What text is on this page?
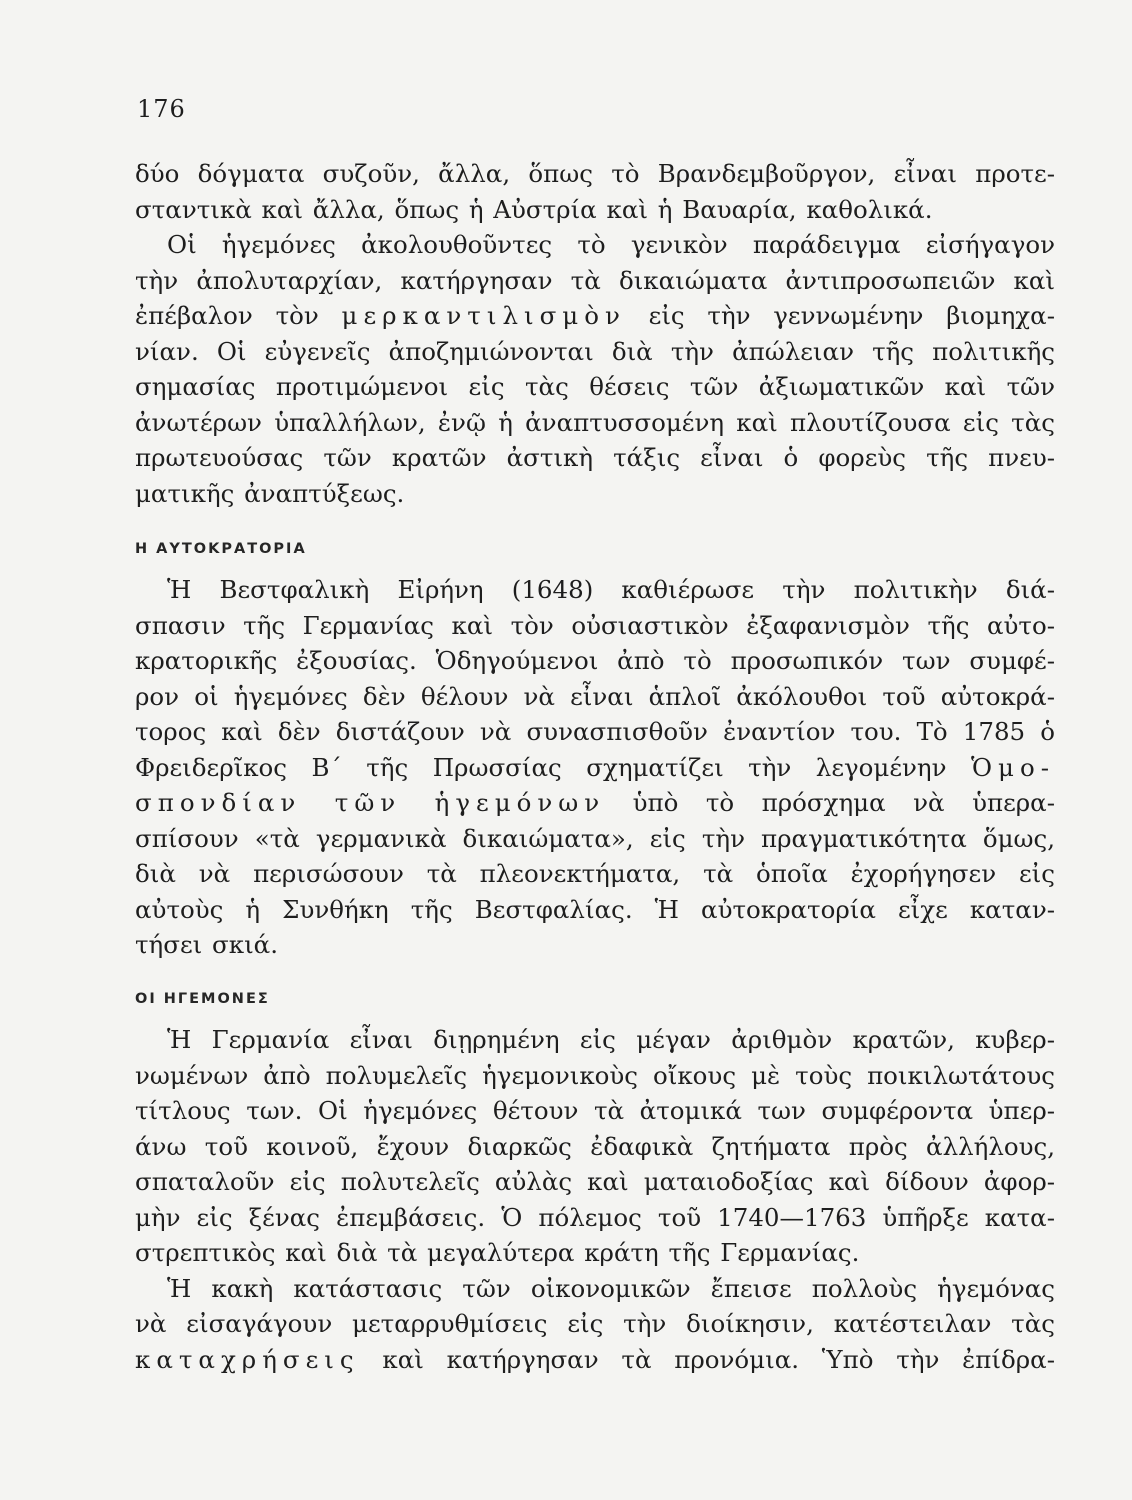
176
δύο δόγματα συζοῦν, ἄλλα, ὅπως τὸ Βρανδεμβοῦργον, εἶναι προτε-
σταντικὰ καὶ ἄλλα, ὅπως ἡ Αὐστρία καὶ ἡ Βαυαρία, καθολικά.
Οἱ ἡγεμόνες ἀκολουθοῦντες τὸ γενικὸν παράδειγμα εἰσήγαγον
τὴν ἀπολυταρχίαν, κατήργησαν τὰ δικαιώματα ἀντιπροσωπειῶν καὶ
ἐπέβαλον τὸν μερκαντιλισμὸν εἰς τὴν γεννωμένην βιομηχα-
νίαν. Οἱ εὐγενεῖς ἀποζημιώνονται διὰ τὴν ἀπώλειαν τῆς πολιτικῆς
σημασίας προτιμώμενοι εἰς τὰς θέσεις τῶν ἀξιωματικῶν καὶ τῶν
ἀνωτέρων ὑπαλλήλων, ἐνῷ ἡ ἀναπτυσσομένη καὶ πλουτίζουσα εἰς τὰς
πρωτευούσας τῶν κρατῶν ἀστικὴ τάξις εἶναι ὁ φορεὺς τῆς πνευ-
ματικῆς ἀναπτύξεως.
Η ΑΥΤΟΚΡΑΤΟΡΙΑ
Ἡ Βεστφαλικὴ Εἰρήνη (1648) καθιέρωσε τὴν πολιτικὴν διά-
σπασιν τῆς Γερμανίας καὶ τὸν οὐσιαστικὸν ἐξαφανισμὸν τῆς αὐτο-
κρατορικῆς ἐξουσίας. Ὁδηγούμενοι ἀπὸ τὸ προσωπικόν των συμφέ-
ρον οἱ ἡγεμόνες δὲν θέλουν νὰ εἶναι ἁπλοῖ ἀκόλουθοι τοῦ αὐτοκρά-
τορος καὶ δὲν διστάζουν νὰ συνασπισθοῦν ἐναντίον του. Τὸ 1785 ὁ
Φρειδερῖκος Β΄ τῆς Πρωσσίας σχηματίζει τὴν λεγομένην Ὁμο-
σπονδίαν τῶν ἡγεμόνων ὑπὸ τὸ πρόσχημα νὰ ὑπερα-
σπίσουν «τὰ γερμανικὰ δικαιώματα», εἰς τὴν πραγματικότητα ὅμως,
διὰ νὰ περισώσουν τὰ πλεονεκτήματα, τὰ ὁποῖα ἐχορήγησεν εἰς
αὐτοὺς ἡ Συνθήκη τῆς Βεστφαλίας. Ἡ αὐτοκρατορία εἶχε καταν-
τήσει σκιά.
ΟΙ ΗΓΕΜΟΝΕΣ
Ἡ Γερμανία εἶναι διῃρημένη εἰς μέγαν ἀριθμὸν κρατῶν, κυβερ-
νωμένων ἀπὸ πολυμελεῖς ἡγεμονικοὺς οἴκους μὲ τοὺς ποικιλωτάτους
τίτλους των. Οἱ ἡγεμόνες θέτουν τὰ ἀτομικά των συμφέροντα ὑπερ-
άνω τοῦ κοινοῦ, ἔχουν διαρκῶς ἐδαφικὰ ζητήματα πρὸς ἀλλήλους,
σπαταλοῦν εἰς πολυτελεῖς αὐλὰς καὶ ματαιοδοξίας καὶ δίδουν ἀφορ-
μὴν εἰς ξένας ἐπεμβάσεις. Ὁ πόλεμος τοῦ 1740—1763 ὑπῆρξε κατα-
στρεπτικὸς καὶ διὰ τὰ μεγαλύτερα κράτη τῆς Γερμανίας.
Ἡ κακὴ κατάστασις τῶν οἰκονομικῶν ἔπεισε πολλοὺς ἡγεμόνας
νὰ εἰσαγάγουν μεταρρυθμίσεις εἰς τὴν διοίκησιν, κατέστειλαν τὰς
καταχρήσεις καὶ κατήργησαν τὰ προνόμια. Ὑπὸ τὴν ἐπίδρα-
